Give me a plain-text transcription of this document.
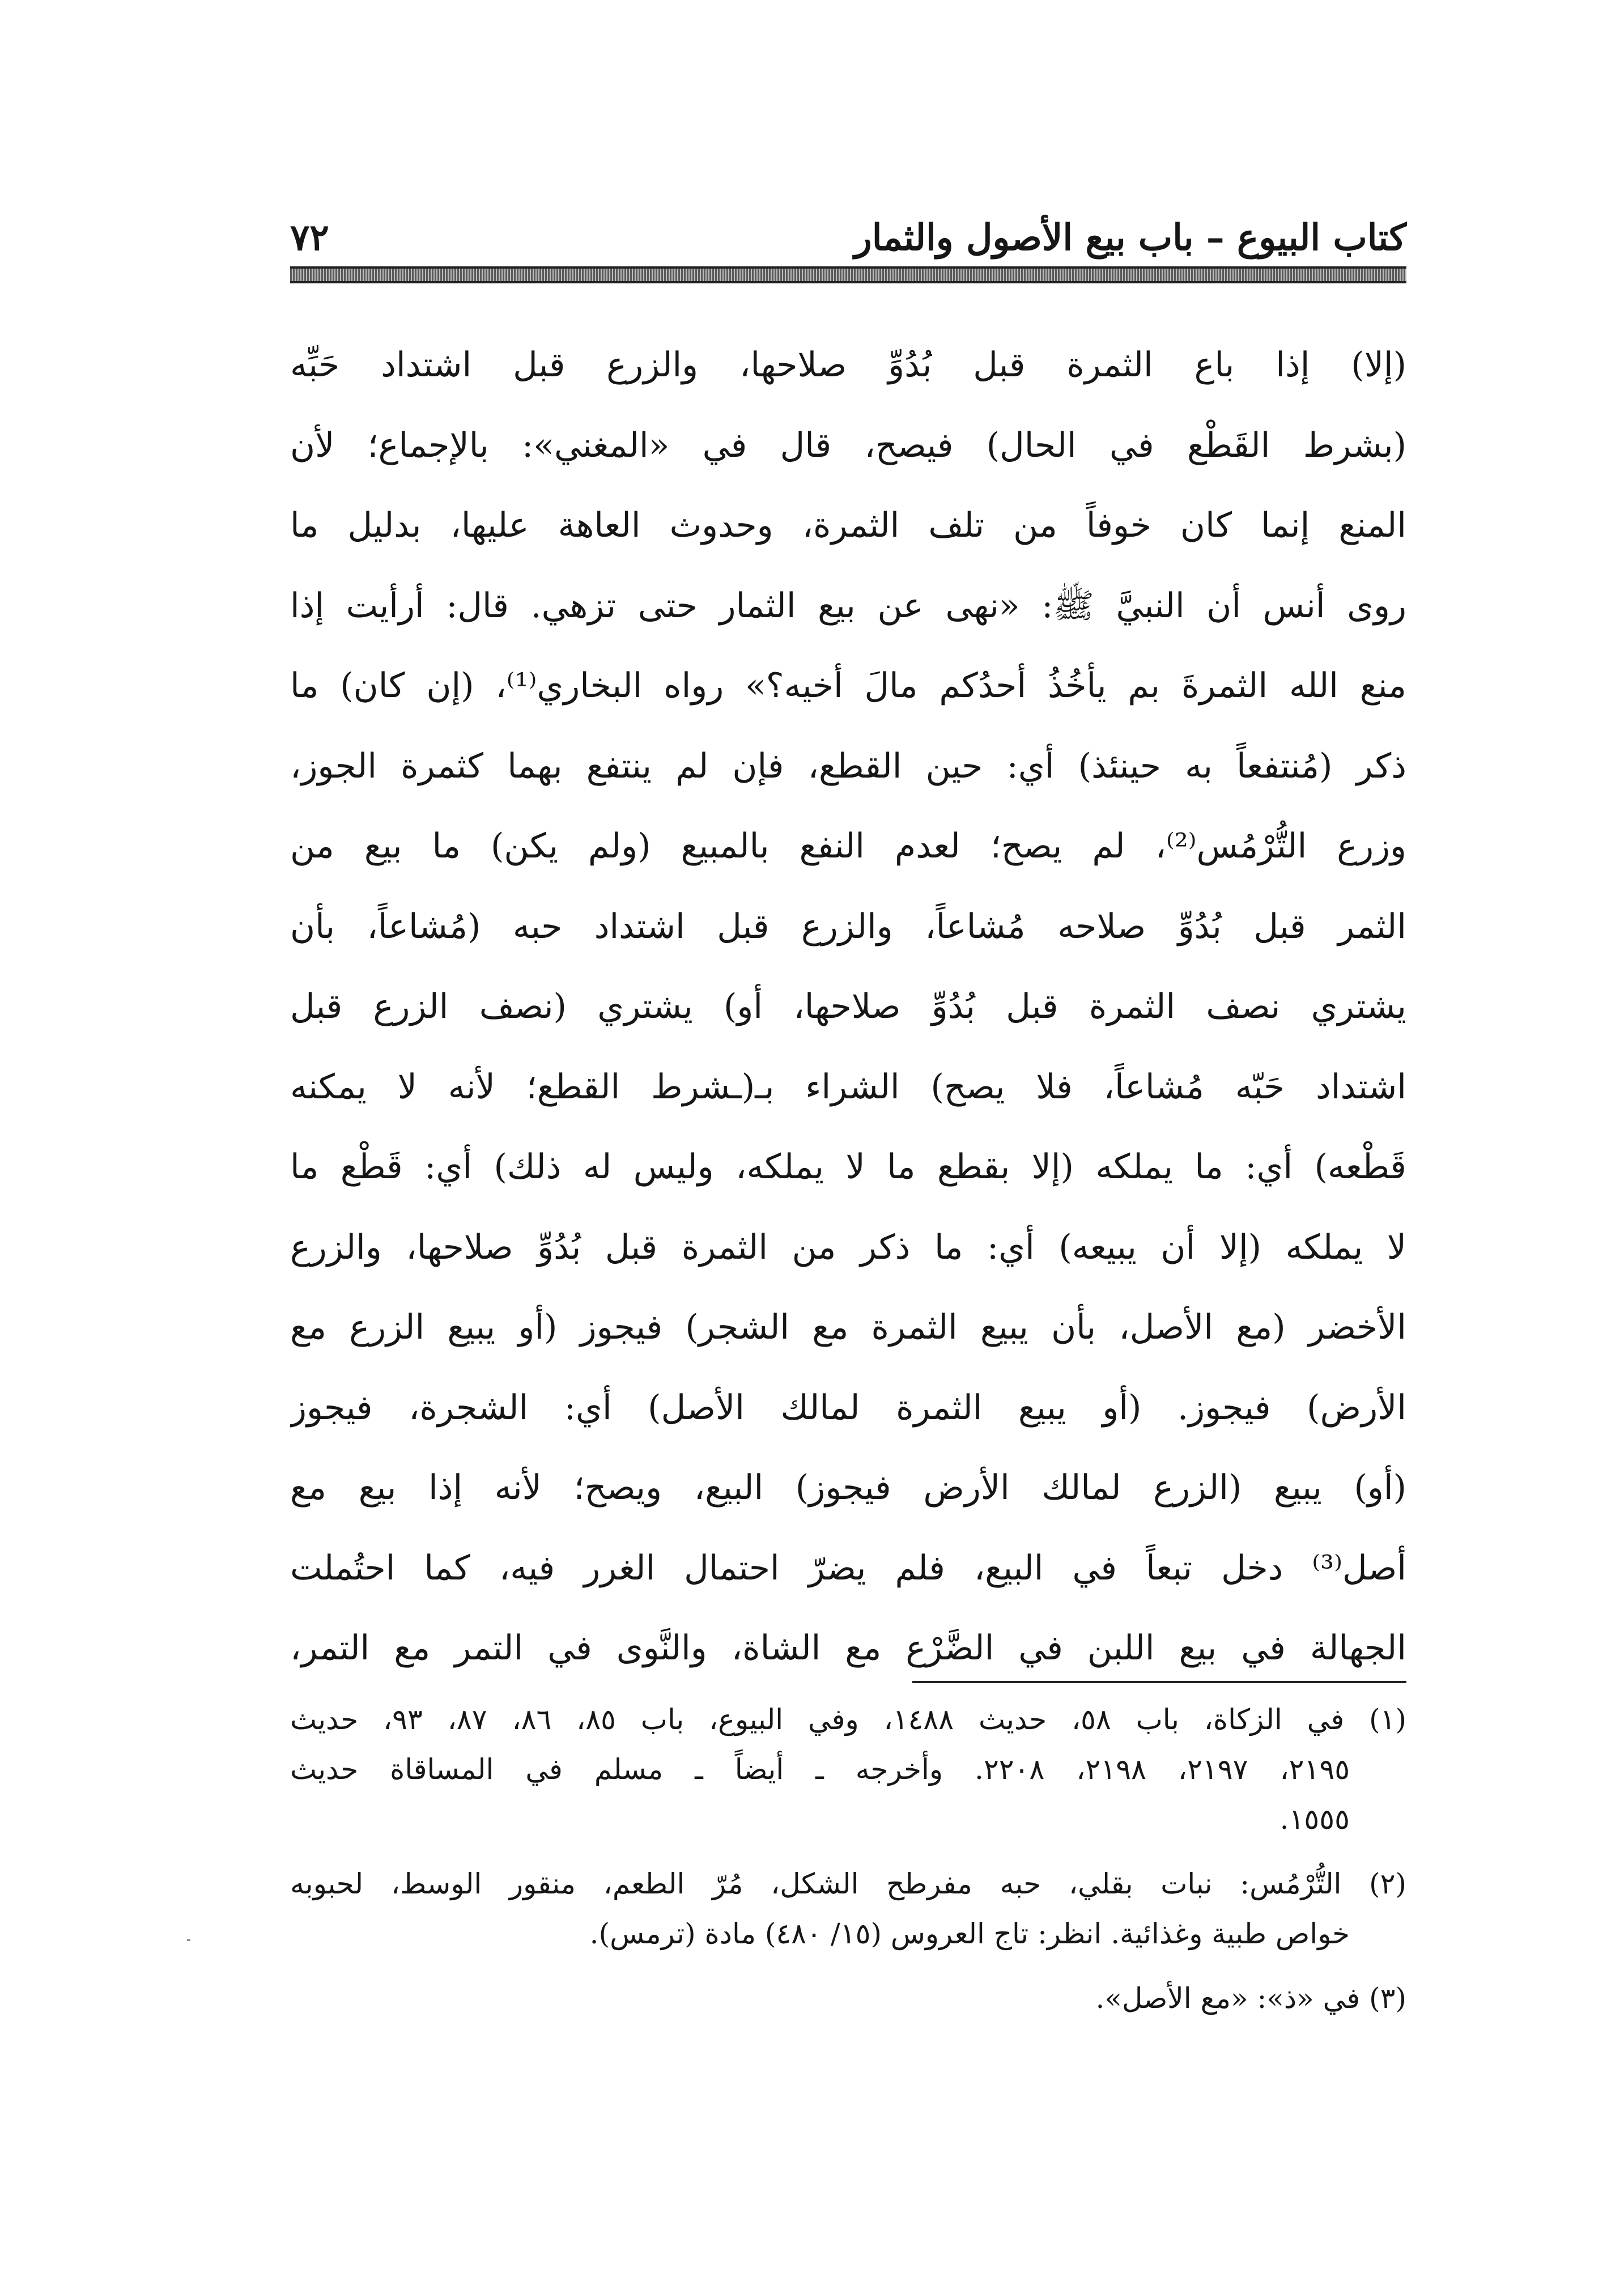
٧٢	كتاب البيوع – باب بيع الأصول والثمار
(إلا) إذا باع الثمرة قبل بُدُوِّ صلاحها، والزرع قبل اشتداد حَبِّه
(بشرط القَطْع في الحال) فيصح، قال في «المغني»: بالإجماع؛ لأن
المنع إنما كان خوفاً من تلف الثمرة، وحدوث العاهة عليها، بدليل ما
روى أنس أن النبيَّ ﷺ: «نهى عن بيع الثمار حتى تزهي. قال: أرأيت إذا
منع الله الثمرةَ بم يأخُذُ أحدُكم مالَ أخيه؟» رواه البخاري⁽¹⁾، (إن كان) ما
ذكر (مُنتفعاً به حينئذ) أي: حين القطع، فإن لم ينتفع بهما كثمرة الجوز،
وزرع التُّرْمُس⁽²⁾، لم يصح؛ لعدم النفع بالمبيع (ولم يكن) ما بيع من
الثمر قبل بُدُوِّ صلاحه مُشاعاً، والزرع قبل اشتداد حبه (مُشاعاً، بأن
يشتري نصف الثمرة قبل بُدُوِّ صلاحها، أو) يشتري (نصف الزرع قبل
اشتداد حَبّه مُشاعاً، فلا يصح) الشراء بـ(ـشرط القطع؛ لأنه لا يمكنه
قَطْعه) أي: ما يملكه (إلا بقطع ما لا يملكه، وليس له ذلك) أي: قَطْع ما
لا يملكه (إلا أن يبيعه) أي: ما ذكر من الثمرة قبل بُدُوِّ صلاحها، والزرع
الأخضر (مع الأصل، بأن يبيع الثمرة مع الشجر) فيجوز (أو يبيع الزرع مع
الأرض) فيجوز. (أو يبيع الثمرة لمالك الأصل) أي: الشجرة، فيجوز
(أو) يبيع (الزرع لمالك الأرض فيجوز) البيع، ويصح؛ لأنه إذا بيع مع
أصل⁽³⁾ دخل تبعاً في البيع، فلم يضرّ احتمال الغرر فيه، كما احتُملت
الجهالة في بيع اللبن في الضَّرْع مع الشاة، والنَّوى في التمر مع التمر،
(١) في الزكاة، باب ٥٨، حديث ١٤٨٨، وفي البيوع، باب ٨٥، ٨٦، ٨٧، ٩٣، حديث
٢١٩٥، ٢١٩٧، ٢١٩٨، ٢٢٠٨. وأخرجه ـ أيضاً ـ مسلم في المساقاة حديث
١٥٥٥.
(٢) التُّرْمُس: نبات بقلي، حبه مفرطح الشكل، مُرّ الطعم، منقور الوسط، لحبوبه
خواص طبية وغذائية. انظر: تاج العروس (١٥/ ٤٨٠) مادة (ترمس).
(٣) في «ذ»: «مع الأصل».
